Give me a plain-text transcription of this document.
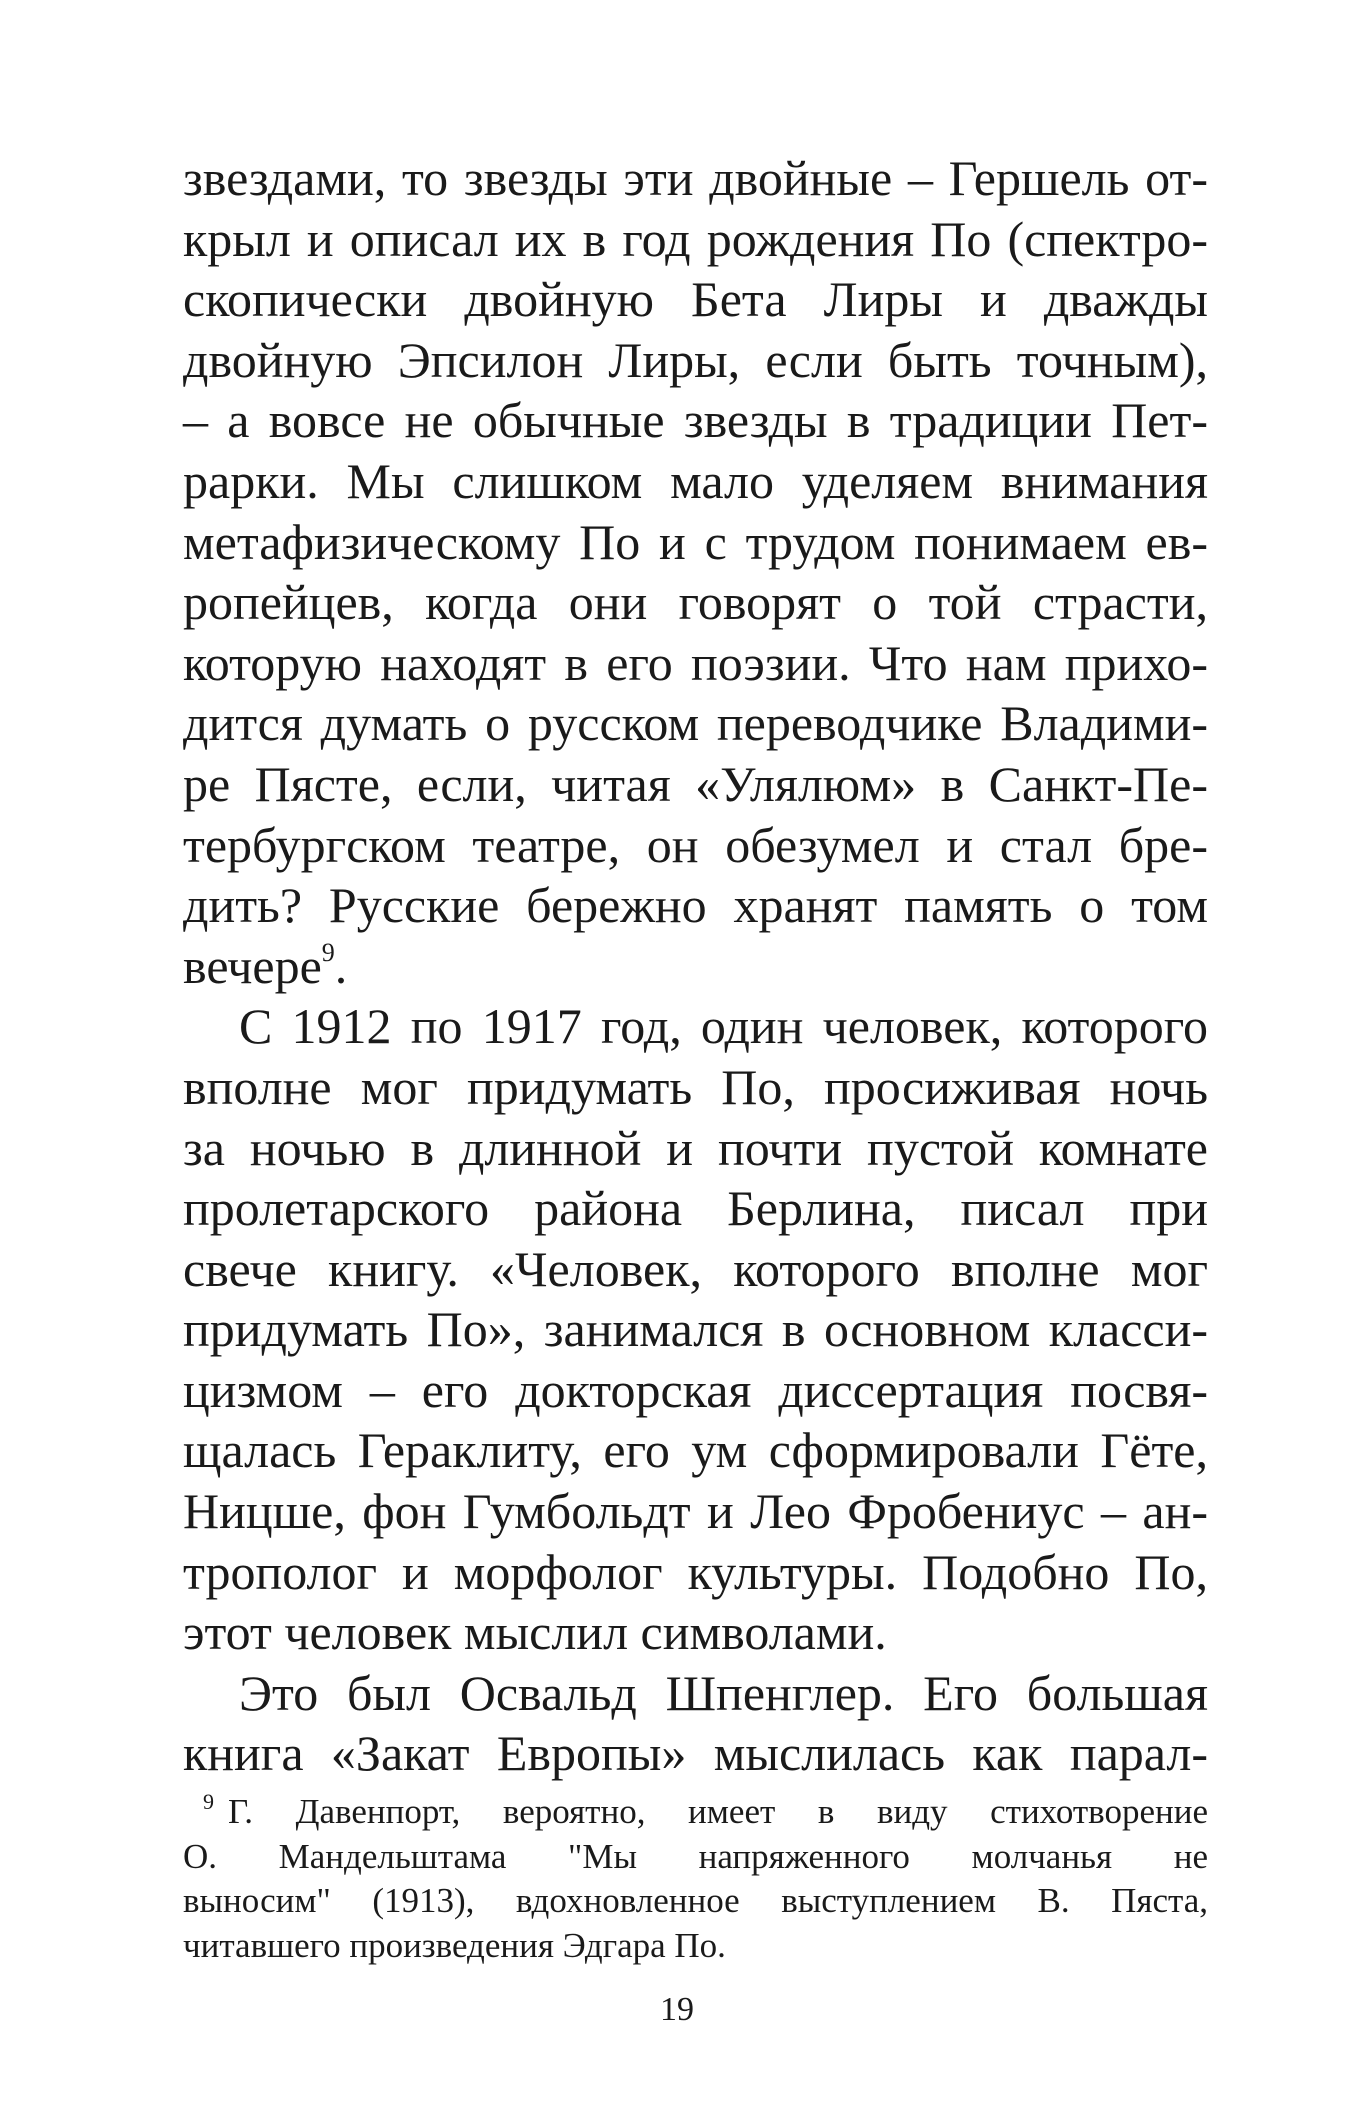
звездами, то звезды эти двойные – Гершель от-
крыл и описал их в год рождения По (спектро-
скопически двойную Бета Лиры и дважды
двойную Эпсилон Лиры, если быть точным),
– а вовсе не обычные звезды в традиции Пет-
рарки. Мы слишком мало уделяем внимания
метафизическому По и с трудом понимаем ев-
ропейцев, когда они говорят о той страсти,
которую находят в его поэзии. Что нам прихо-
дится думать о русском переводчике Владими-
ре Пясте, если, читая «Улялюм» в Санкт-Пе-
тербургском театре, он обезумел и стал бре-
дить? Русские бережно хранят память о том
вечере$^9$.
С 1912 по 1917 год, один человек, которого
вполне мог придумать По, просиживая ночь
за ночью в длинной и почти пустой комнате
пролетарского района Берлина, писал при
свече книгу. «Человек, которого вполне мог
придумать По», занимался в основном класси-
цизмом – его докторская диссертация посвя-
щалась Гераклиту, его ум сформировали Гёте,
Ницше, фон Гумбольдт и Лео Фробениус – ан-
трополог и морфолог культуры. Подобно По,
этот человек мыслил символами.
Это был Освальд Шпенглер. Его большая
книга «Закат Европы» мыслилась как парал-
$^9$ Г. Давенпорт, вероятно, имеет в виду стихотворение
О. Мандельштама "Мы напряженного молчанья не
выносим" (1913), вдохновленное выступлением В. Пяста,
читавшего произведения Эдгара По.
19
